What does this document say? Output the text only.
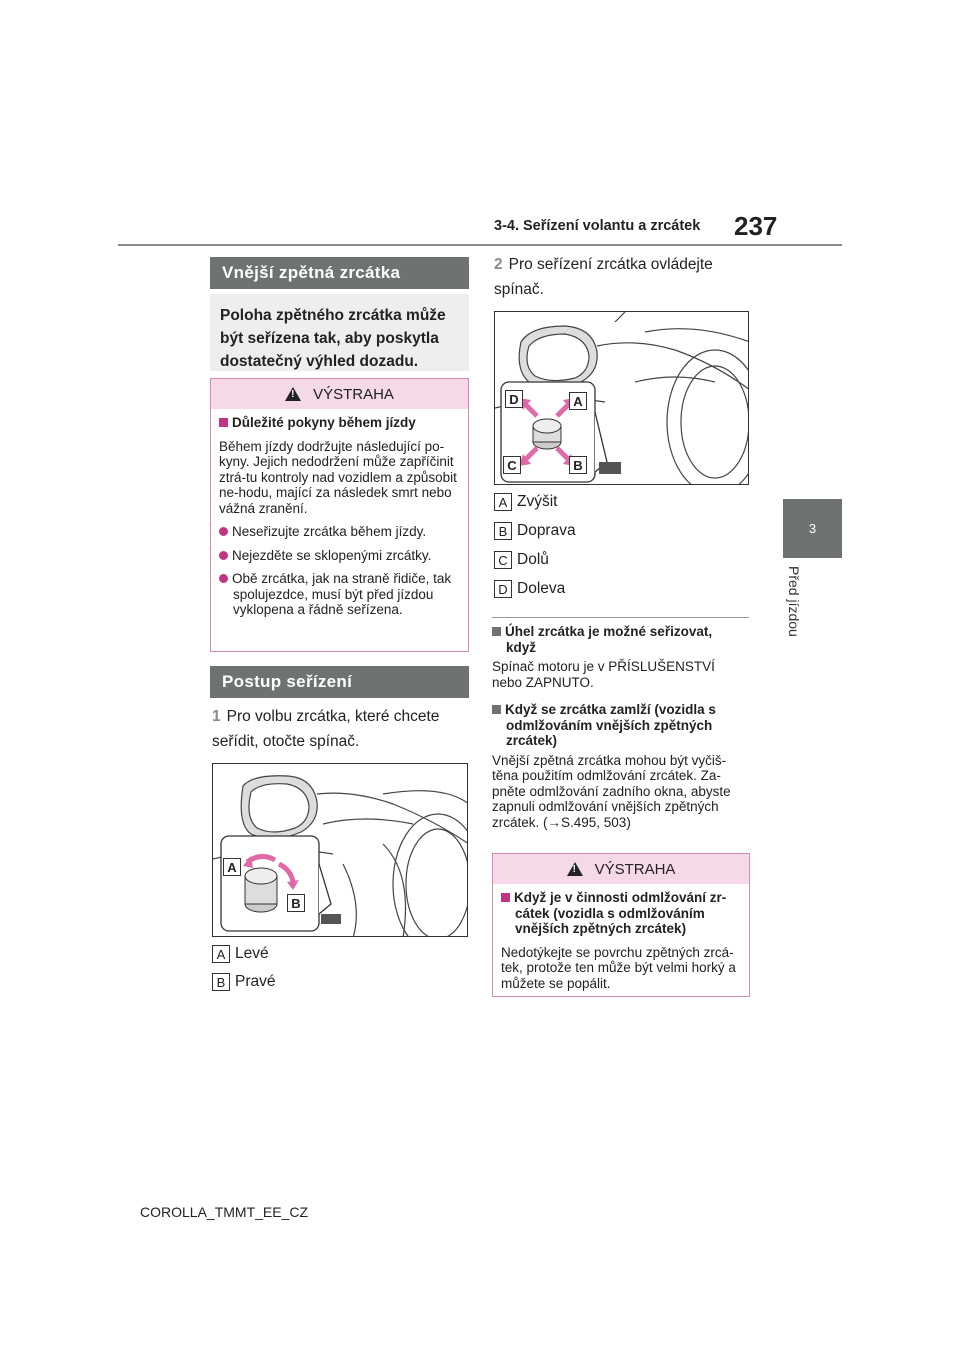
3-4. Seřízení volantu a zrcátek 237
3
Před jízdou
Vnější zpětná zrcátka
Poloha zpětného zrcátka může být seřízena tak, aby poskytla dostatečný výhled dozadu.
!
VÝSTRAHA
Důležité pokyny během jízdy
Během jízdy dodržujte následující po-kyny. Jejich nedodržení může zapříčinit ztrá-tu kontroly nad vozidlem a způsobit ne-hodu, mající za následek smrt nebo vážná zranění.
Neseřizujte zrcátka během jízdy.
Nejezděte se sklopenými zrcátky.
Obě zrcátka, jak na straně řidiče, tak spolujezdce, musí být před jízdou vyklopena a řádně seřízena.
Postup seřízení
1 Pro volbu zrcátka, které chcete seřídit, otočte spínač.
A
B
A Levé
B Pravé
2 Pro seřízení zrcátka ovládejte spínač.
D	A
C	B
A Zvýšit
B Doprava
C Dolů
D Doleva
Úhel zrcátka je možné seřizovat, když
Spínač motoru je v PŘÍSLUŠENSTVÍ nebo ZAPNUTO.
Když se zrcátka zamlží (vozidla s odmlžováním vnějších zpětných zrcátek)
Vnější zpětná zrcátka mohou být vyčiš-těna použitím odmlžování zrcátek. Za-pněte odmlžování zadního okna, abyste zapnuli odmlžování vnějších zpětných zrcátek. (→S.495, 503)
!
VÝSTRAHA
Když je v činnosti odmlžování zr-cátek (vozidla s odmlžováním vnějších zpětných zrcátek)
Nedotýkejte se povrchu zpětných zrcá-tek, protože ten může být velmi horký a můžete se popálit.
COROLLA_TMMT_EE_CZ
